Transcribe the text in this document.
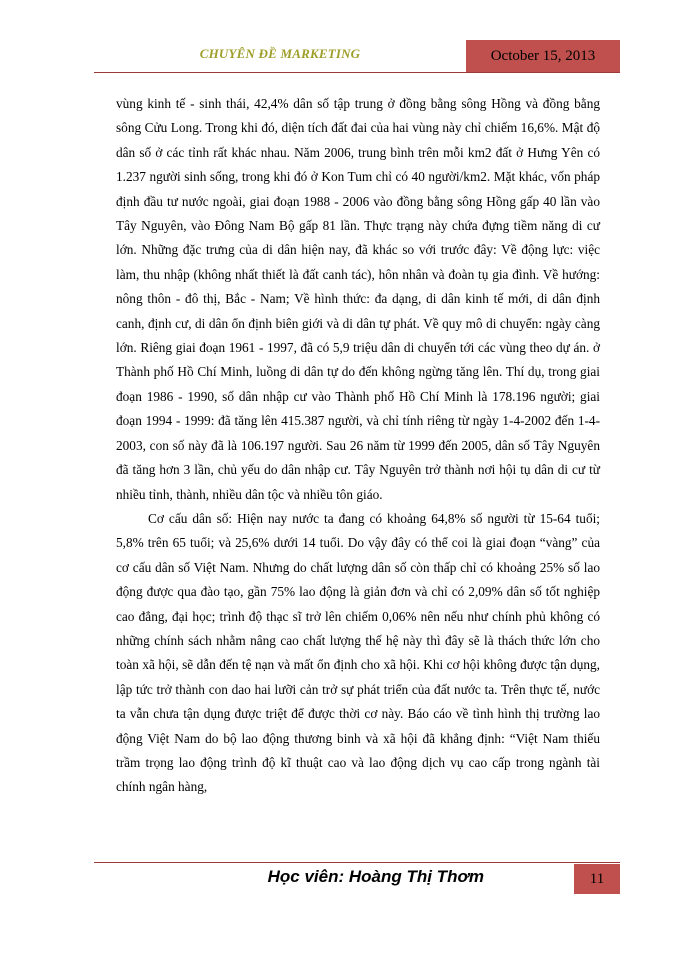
CHUYÊN ĐỀ MARKETING	October 15, 2013

vùng kinh tế - sinh thái, 42,4% dân số tập trung ở đồng bằng sông Hồng và đồng bằng sông Cửu Long. Trong khi đó, diện tích đất đai của hai vùng này chỉ chiếm 16,6%. Mật độ dân số ở các tỉnh rất khác nhau. Năm 2006, trung bình trên mỗi km2 đất ở Hưng Yên có 1.237 người sinh sống, trong khi đó ở Kon Tum chỉ có 40 người/km2. Mặt khác, vốn pháp định đầu tư nước ngoài, giai đoạn 1988 - 2006 vào đồng bằng sông Hồng gấp 40 lần vào Tây Nguyên, vào Đông Nam Bộ gấp 81 lần. Thực trạng này chứa đựng tiềm năng di cư lớn. Những đặc trưng của di dân hiện nay, đã khác so với trước đây: Về động lực: việc làm, thu nhập (không nhất thiết là đất canh tác), hôn nhân và đoàn tụ gia đình. Về hướng: nông thôn - đô thị, Bắc - Nam; Về hình thức: đa dạng, di dân kinh tế mới, di dân định canh, định cư, di dân ổn định biên giới và di dân tự phát. Về quy mô di chuyển: ngày càng lớn. Riêng giai đoạn 1961 - 1997, đã có 5,9 triệu dân di chuyển tới các vùng theo dự án. ở Thành phố Hồ Chí Minh, luồng di dân tự do đến không ngừng tăng lên. Thí dụ, trong giai đoạn 1986 - 1990, số dân nhập cư vào Thành phố Hồ Chí Minh là 178.196 người; giai đoạn 1994 - 1999: đã tăng lên 415.387 người, và chỉ tính riêng từ ngày 1-4-2002 đến 1-4-2003, con số này đã là 106.197 người. Sau 26 năm từ 1999 đến 2005, dân số Tây Nguyên đã tăng hơn 3 lần, chủ yếu do dân nhập cư. Tây Nguyên trở thành nơi hội tụ dân di cư từ nhiều tỉnh, thành, nhiều dân tộc và nhiều tôn giáo.

Cơ cấu dân số: Hiện nay nước ta đang có khoảng 64,8% số người từ 15-64 tuổi; 5,8% trên 65 tuổi; và 25,6% dưới 14 tuổi. Do vậy đây có thể coi là giai đoạn “vàng” của cơ cấu dân số Việt Nam. Nhưng do chất lượng dân số còn thấp chỉ có khoảng 25% số lao động được qua đào tạo, gần 75% lao động là giản đơn và chỉ có 2,09% dân số tốt nghiệp cao đẳng, đại học; trình độ thạc sĩ trở lên chiếm 0,06% nên nếu như chính phủ không có những chính sách nhằm nâng cao chất lượng thế hệ này thì đây sẽ là thách thức lớn cho toàn xã hội, sẽ dẫn đến tệ nạn và mất ổn định cho xã hội. Khi cơ hội không được tận dụng, lập tức trở thành con dao hai lưỡi cản trở sự phát triển của đất nước ta. Trên thực tế, nước ta vẫn chưa tận dụng được triệt để được thời cơ này. Báo cáo về tình hình thị trường lao động Việt Nam do bộ lao động thương binh và xã hội đã khẳng định: “Việt Nam thiếu trầm trọng lao động trình độ kĩ thuật cao và lao động dịch vụ cao cấp trong ngành tài chính ngân hàng,

Học viên: Hoàng Thị Thơm	11
